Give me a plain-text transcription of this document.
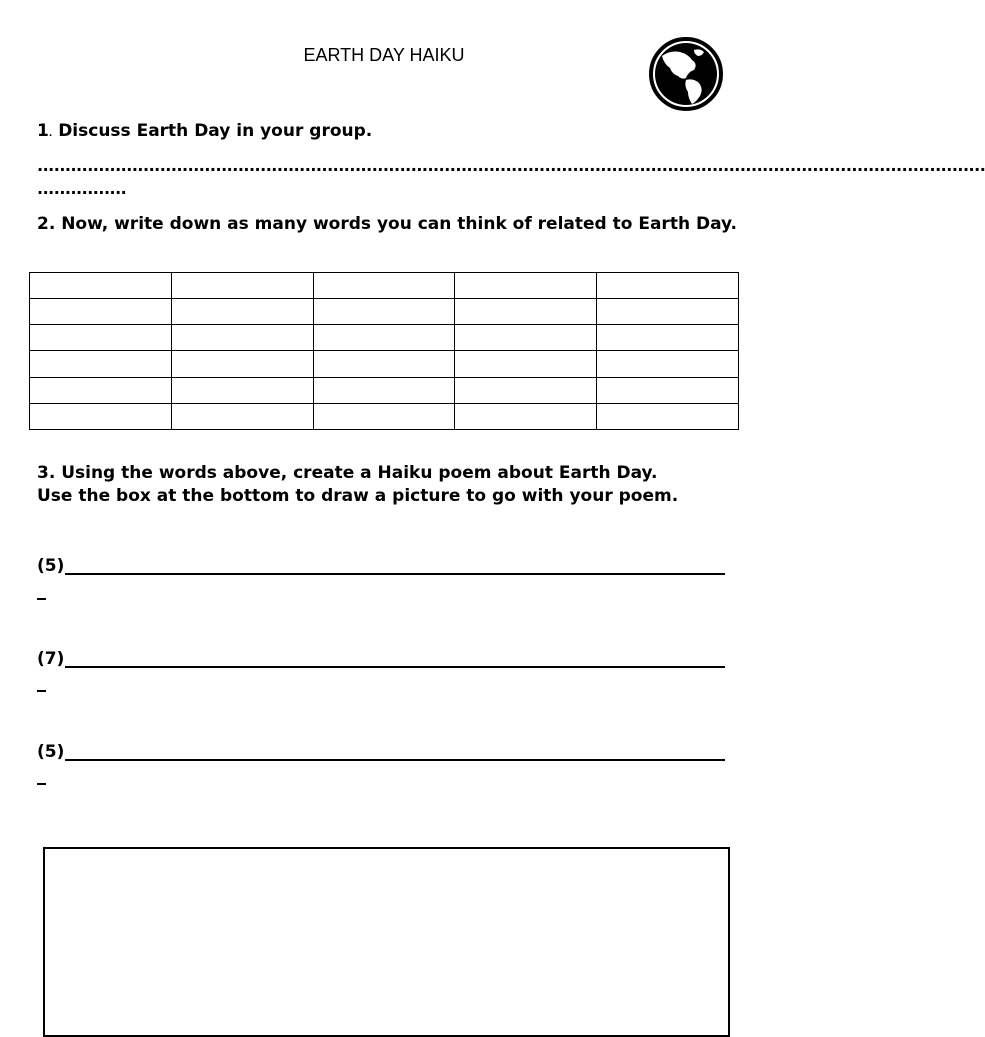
EARTH DAY HAIKU
1. Discuss Earth Day in your group.
..........................................................................................................................................................................
................
2. Now, write down as many words you can think of related to Earth Day.

3. Using the words above, create a Haiku poem about Earth Day.
Use the box at the bottom to draw a picture to go with your poem.
(5)
(7)
(5)
